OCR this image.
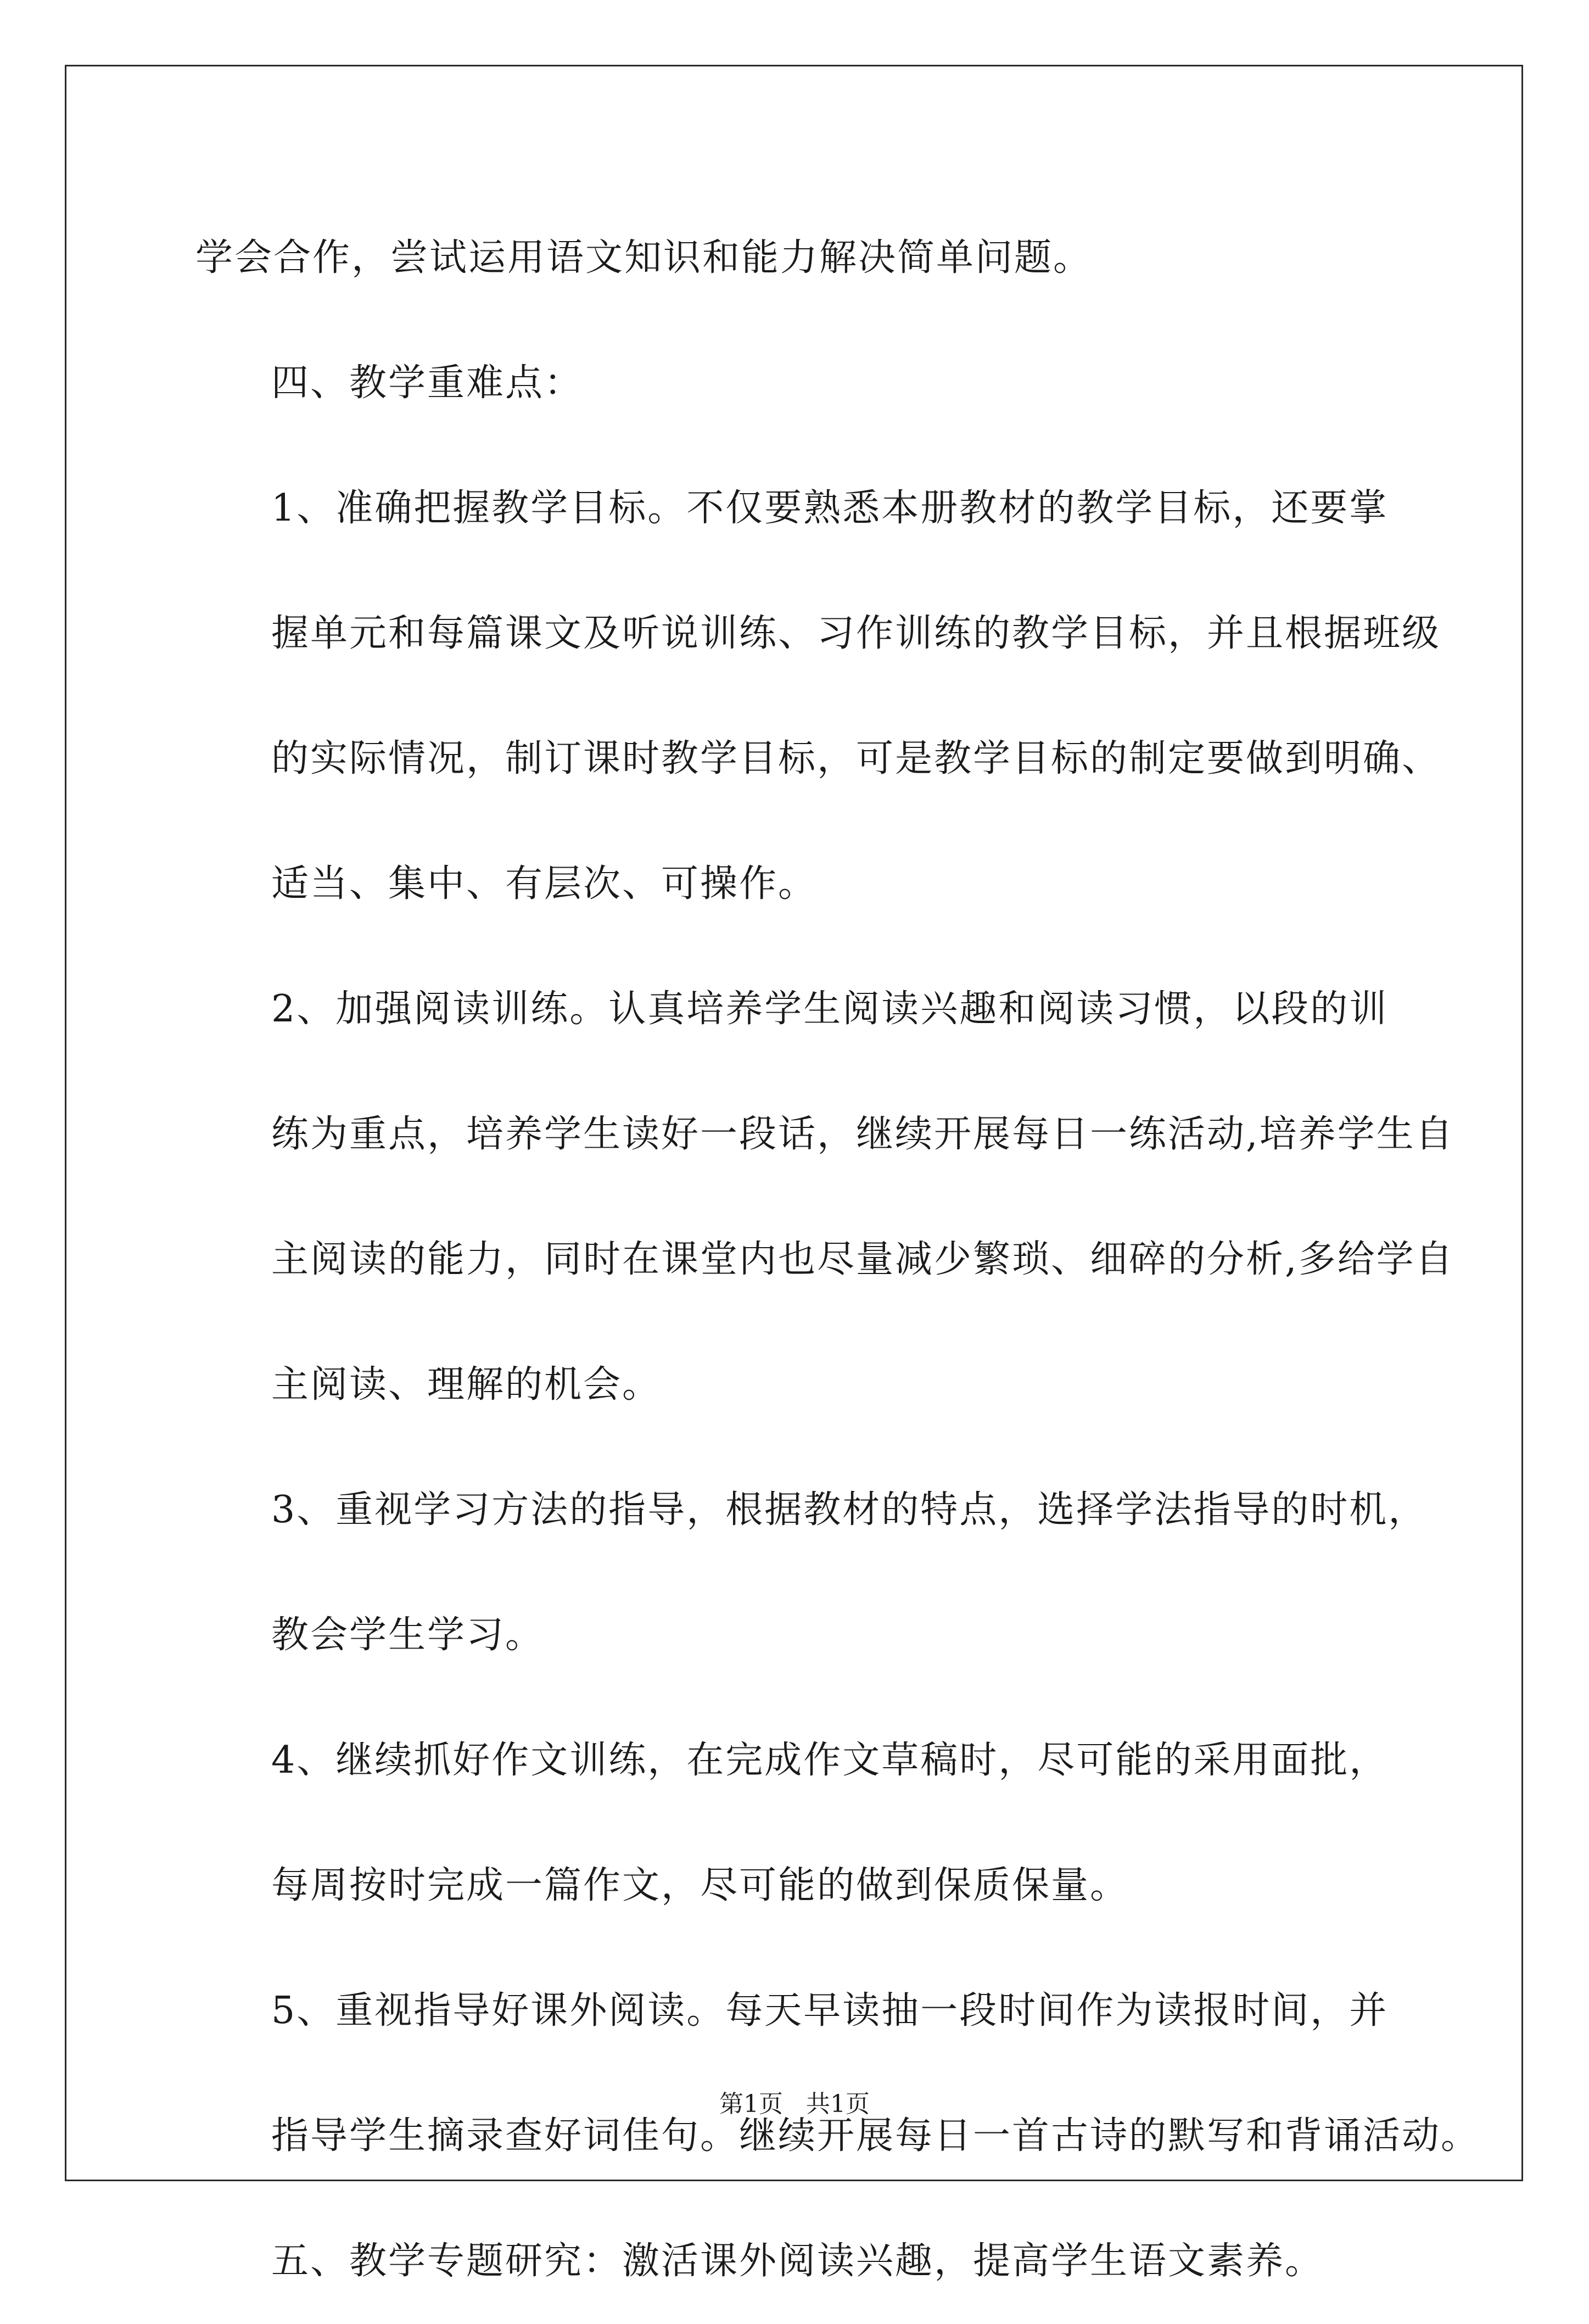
学会合作，尝试运用语文知识和能力解决简单问题。

四、教学重难点：

1、准确把握教学目标。不仅要熟悉本册教材的教学目标，还要掌
握单元和每篇课文及听说训练、习作训练的教学目标，并且根据班级
的实际情况，制订课时教学目标，可是教学目标的制定要做到明确、
适当、集中、有层次、可操作。

2、加强阅读训练。认真培养学生阅读兴趣和阅读习惯，以段的训
练为重点，培养学生读好一段话，继续开展每日一练活动,培养学生自
主阅读的能力，同时在课堂内也尽量减少繁琐、细碎的分析,多给学自
主阅读、理解的机会。

3、重视学习方法的指导，根据教材的特点，选择学法指导的时机，
教会学生学习。

4、继续抓好作文训练，在完成作文草稿时，尽可能的采用面批，
每周按时完成一篇作文，尽可能的做到保质保量。

5、重视指导好课外阅读。每天早读抽一段时间作为读报时间，并
指导学生摘录查好词佳句。继续开展每日一首古诗的默写和背诵活动。

五、教学专题研究：激活课外阅读兴趣，提高学生语文素养。

第1页   共1页
